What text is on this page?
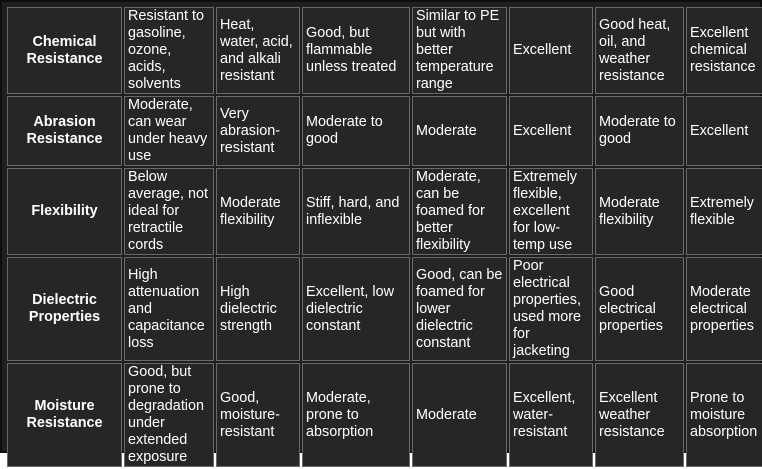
Chemical Resistance	Resistant to gasoline, ozone, acids, solvents	Heat, water, acid, and alkali resistant	Good, but flammable unless treated	Similar to PE but with better temperature range	Excellent	Good heat, oil, and weather resistance	Excellent chemical resistance
Abrasion Resistance	Moderate, can wear under heavy use	Very abrasion-resistant	Moderate to good	Moderate	Excellent	Moderate to good	Excellent
Flexibility	Below average, not ideal for retractile cords	Moderate flexibility	Stiff, hard, and inflexible	Moderate, can be foamed for better flexibility	Extremely flexible, excellent for low-temp use	Moderate flexibility	Extremely flexible
Dielectric Properties	High attenuation and capacitance loss	High dielectric strength	Excellent, low dielectric constant	Good, can be foamed for lower dielectric constant	Poor electrical properties, used more for jacketing	Good electrical properties	Moderate electrical properties
Moisture Resistance	Good, but prone to degradation under extended exposure	Good, moisture-resistant	Moderate, prone to absorption	Moderate	Excellent, water-resistant	Excellent weather resistance	Prone to moisture absorption
